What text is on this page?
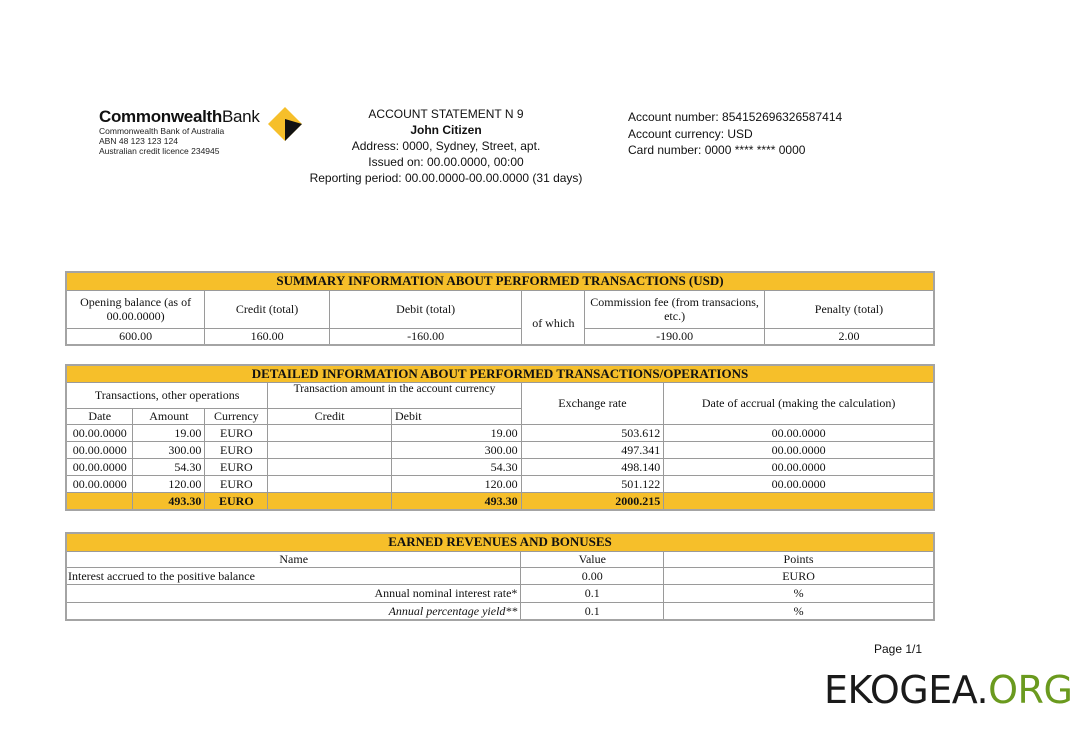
CommonwealthBank
Commonwealth Bank of Australia
ABN 48 123 123 124
Australian credit licence 234945
ACCOUNT STATEMENT N 9
John Citizen
Address: 0000, Sydney, Street, apt.
Issued on: 00.00.0000, 00:00
Reporting period: 00.00.0000-00.00.0000 (31 days)
Account number: 854152696326587414
Account currency: USD
Card number: 0000 **** **** 0000
SUMMARY INFORMATION ABOUT PERFORMED TRANSACTIONS (USD)					
Opening balance (as of 00.00.0000)	Credit (total)	Debit (total)	of which	Commission fee (from transacions, etc.)	Penalty (total)
600.00	160.00	-160.00		-190.00	2.00
DETAILED INFORMATION ABOUT PERFORMED TRANSACTIONS/OPERATIONS						
Transactions, other operations			Transaction amount in the account currency		Exchange rate	Date of accrual (making the calculation)
Date	Amount	Currency	Credit	Debit		
00.00.0000	19.00	EURO		19.00	503.612	00.00.0000
00.00.0000	300.00	EURO		300.00	497.341	00.00.0000
00.00.0000	54.30	EURO		54.30	498.140	00.00.0000
00.00.0000	120.00	EURO		120.00	501.122	00.00.0000
	493.30	EURO		493.30	2000.215	
EARNED REVENUES AND BONUSES		
Name	Value	Points
Interest accrued to the positive balance	0.00	EURO
Annual nominal interest rate*	0.1	%
Annual percentage yield**	0.1	%
Page 1/1
EKOGEA.ORG
